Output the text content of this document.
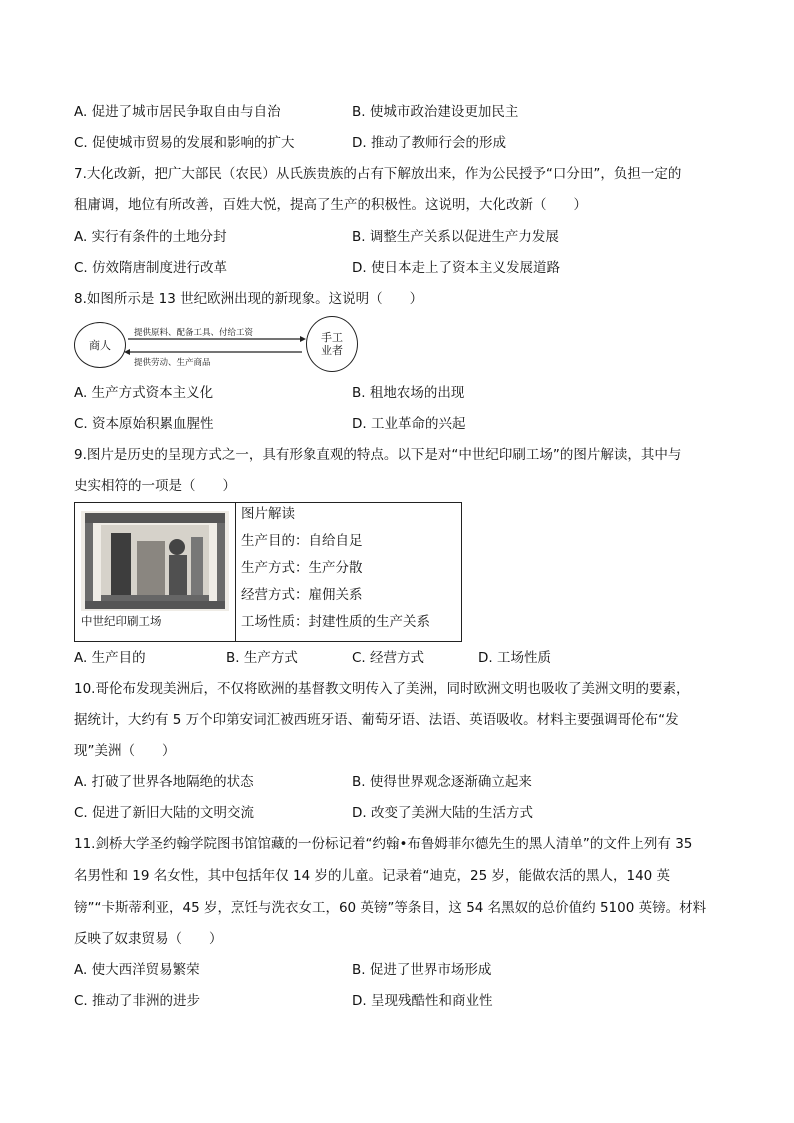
A. 促进了城市居民争取自由与自治	B. 使城市政治建设更加民主
C. 促使城市贸易的发展和影响的扩大	D. 推动了教师行会的形成
7.大化改新，把广大部民（农民）从氏族贵族的占有下解放出来，作为公民授予“口分田”，负担一定的
租庸调，地位有所改善，百姓大悦，提高了生产的积极性。这说明，大化改新（　　）
A. 实行有条件的土地分封	B. 调整生产关系以促进生产力发展
C. 仿效隋唐制度进行改革	D. 使日本走上了资本主义发展道路
8.如图所示是 13 世纪欧洲出现的新现象。这说明（　　）
商人
提供原料、配备工具、付给工资
提供劳动、生产商品
手工
业者
A. 生产方式资本主义化	B. 租地农场的出现
C. 资本原始积累血腥性	D. 工业革命的兴起
9.图片是历史的呈现方式之一，具有形象直观的特点。以下是对“中世纪印刷工场”的图片解读，其中与
史实相符的一项是（　　）
中世纪印刷工场
图片解读
生产目的：自给自足
生产方式：生产分散
经营方式：雇佣关系
工场性质：封建性质的生产关系
A. 生产目的	B. 生产方式	C. 经营方式	D. 工场性质
10.哥伦布发现美洲后，不仅将欧洲的基督教文明传入了美洲，同时欧洲文明也吸收了美洲文明的要素，
据统计，大约有 5 万个印第安词汇被西班牙语、葡萄牙语、法语、英语吸收。材料主要强调哥伦布“发
现”美洲（　　）
A. 打破了世界各地隔绝的状态	B. 使得世界观念逐渐确立起来
C. 促进了新旧大陆的文明交流	D. 改变了美洲大陆的生活方式
11.剑桥大学圣约翰学院图书馆馆藏的一份标记着“约翰•布鲁姆菲尔德先生的黑人清单”的文件上列有 35
名男性和 19 名女性，其中包括年仅 14 岁的儿童。记录着“迪克，25 岁，能做农活的黑人，140 英
镑”“卡斯蒂利亚，45 岁，烹饪与洗衣女工，60 英镑”等条目，这 54 名黑奴的总价值约 5100 英镑。材料
反映了奴隶贸易（　　）
A. 使大西洋贸易繁荣	B. 促进了世界市场形成
C. 推动了非洲的进步	D. 呈现残酷性和商业性
